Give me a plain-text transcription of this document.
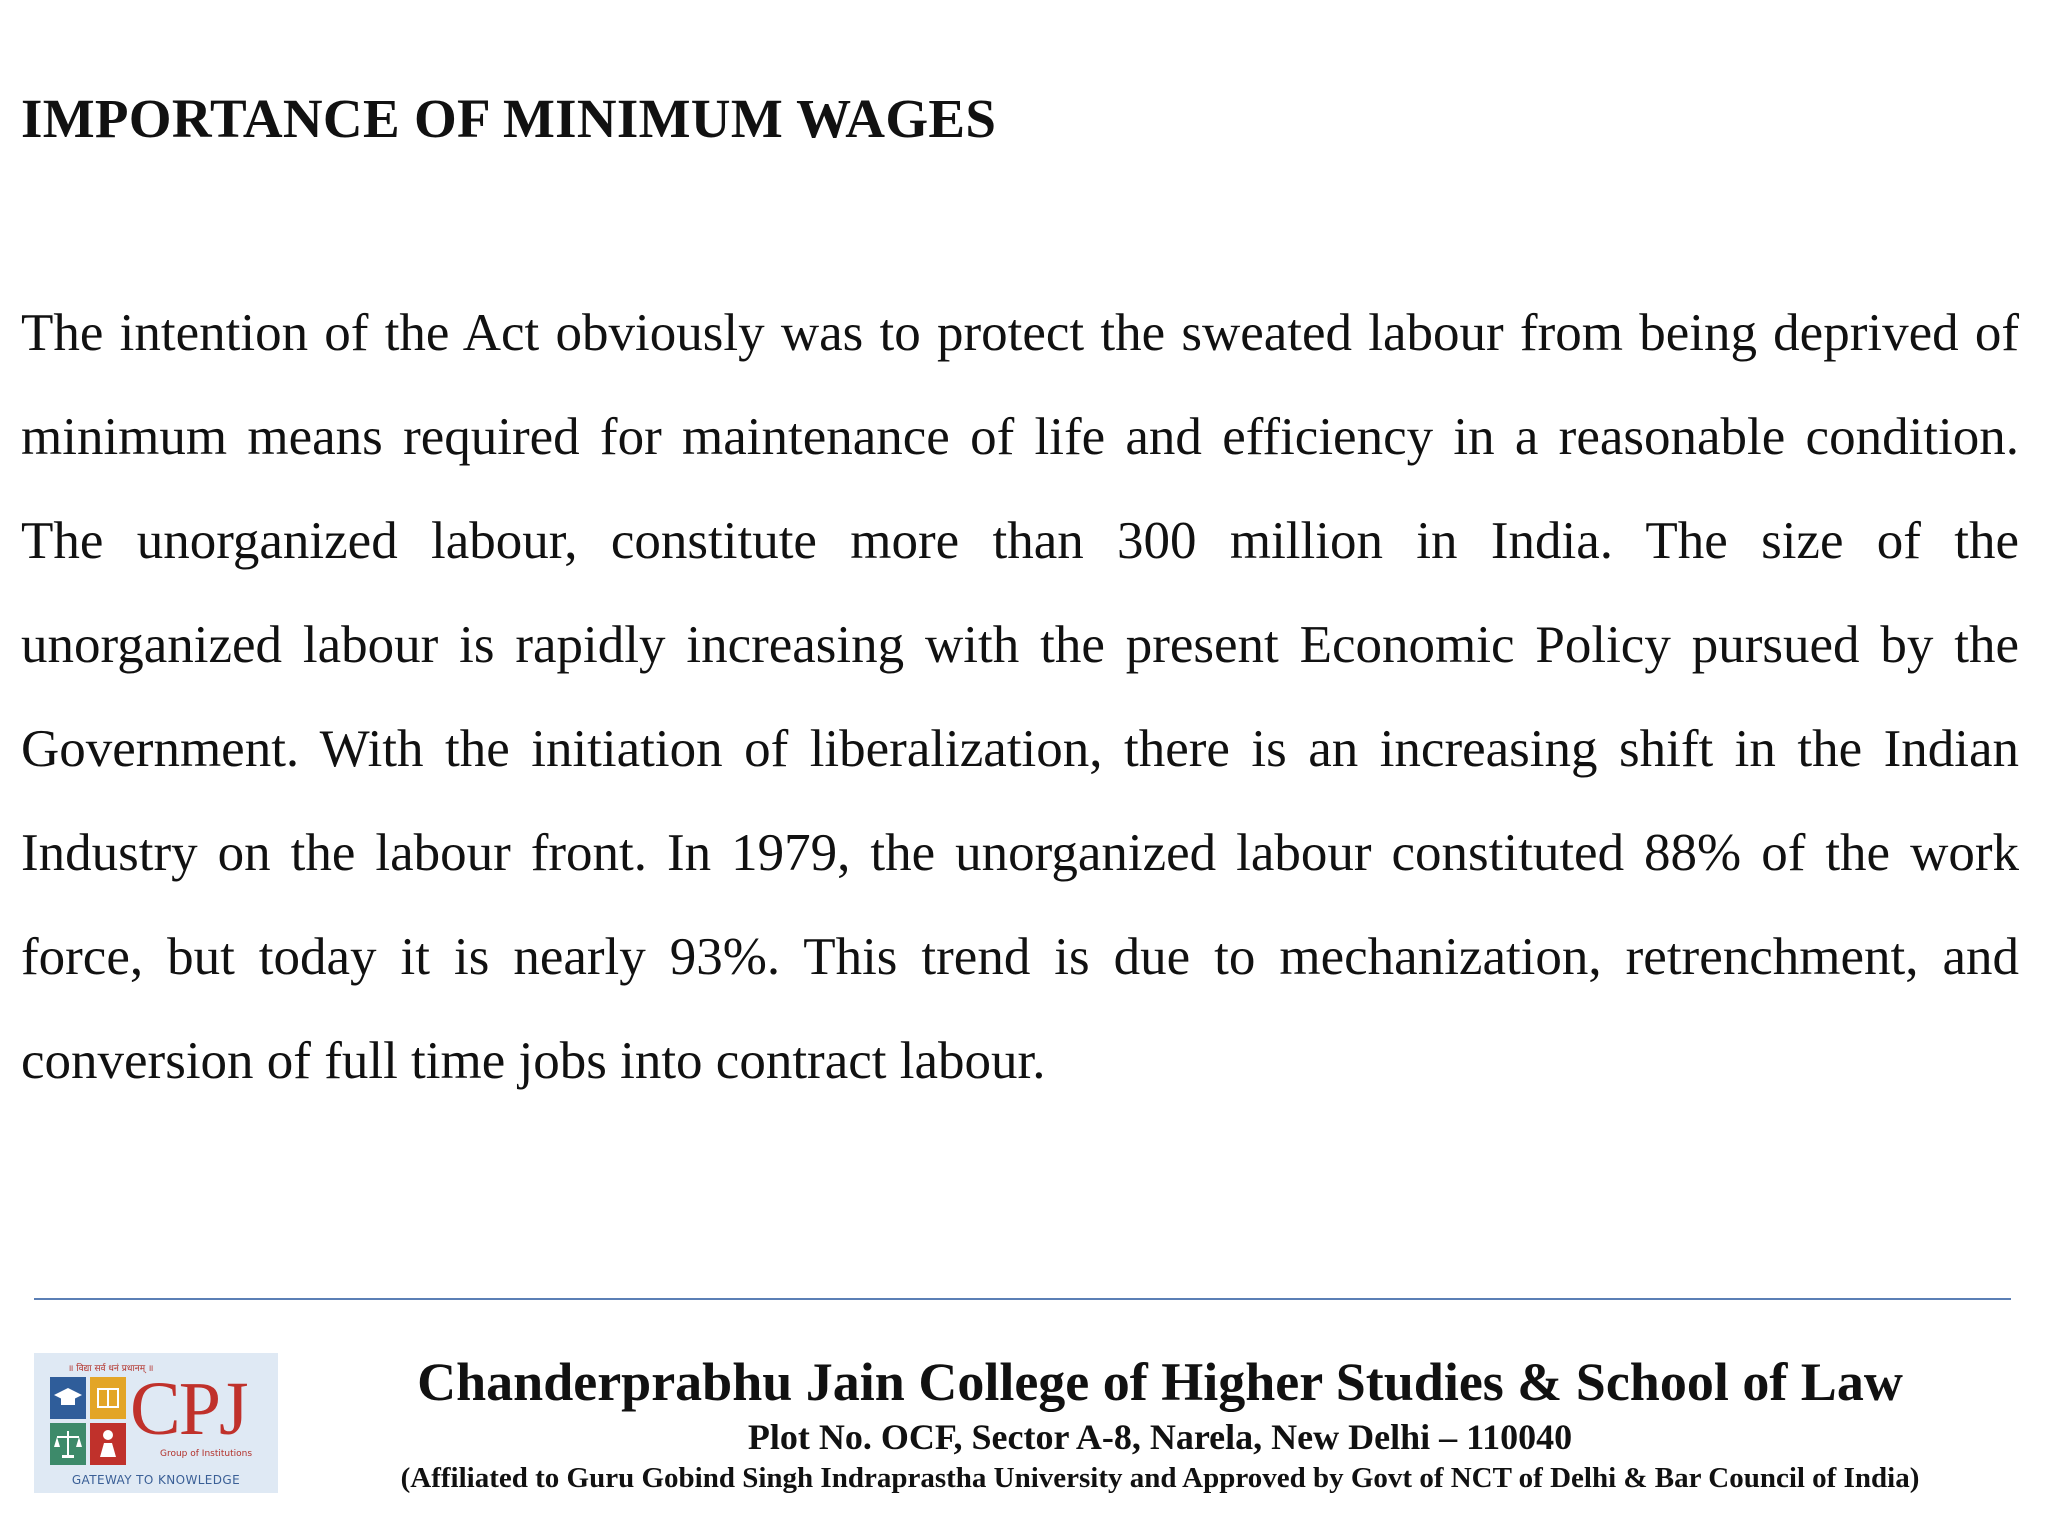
IMPORTANCE OF MINIMUM WAGES

The intention of the Act obviously was to protect the sweated labour from being deprived of minimum means required for maintenance of life and efficiency in a reasonable condition. The unorganized labour, constitute more than 300 million in India. The size of the unorganized labour is rapidly increasing with the present Economic Policy pursued by the Government. With the initiation of liberalization, there is an increasing shift in the Indian Industry on the labour front. In 1979, the unorganized labour constituted 88% of the work force, but today it is nearly 93%. This trend is due to mechanization, retrenchment, and conversion of full time jobs into contract labour.

॥ विद्या सर्व धनं प्रधानम् ॥
CPJ
Group of Institutions
GATEWAY TO KNOWLEDGE
Chanderprabhu Jain College of Higher Studies & School of Law
Plot No. OCF, Sector A-8, Narela, New Delhi – 110040
(Affiliated to Guru Gobind Singh Indraprastha University and Approved by Govt of NCT of Delhi & Bar Council of India)
